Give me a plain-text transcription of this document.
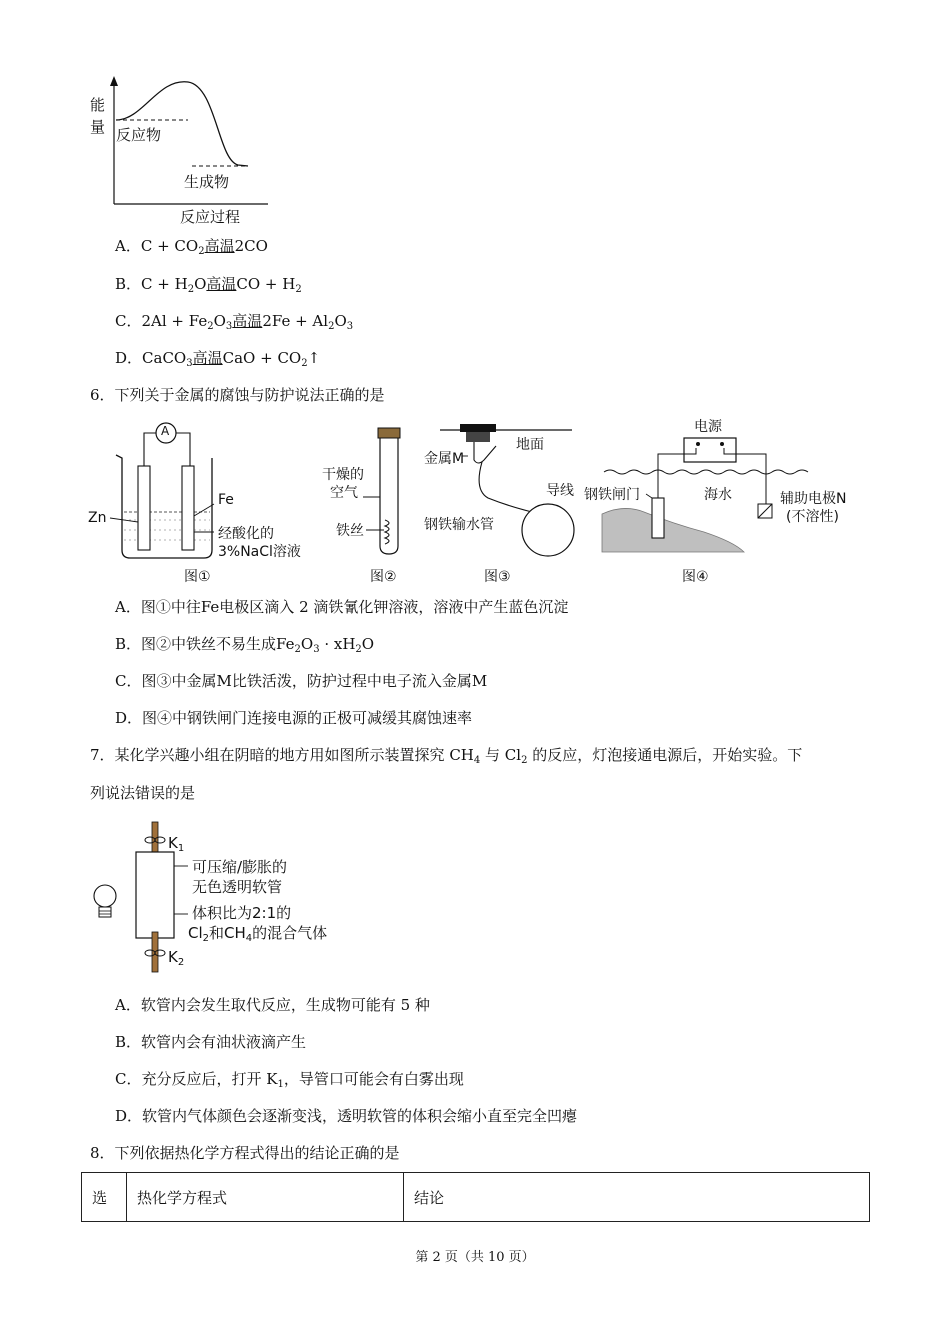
能
量 反应物
生成物
反应过程
A．$C + CO_2$高温2CO
B．$C + H_2O$高温CO + $H_2$
C．$2Al + Fe_2O_3$高温$2Fe + Al_2O_3$
D．CaCO$_3$高温CaO + $CO_2↑$
6．下列关于金属的腐蚀与防护说法正确的是
A
Zn
Fe
经酸化的
3%NaCl溶液
图①
干燥的
空气
铁丝
图②
地面
金属M
导线
钢铁输水管
图③
电源
钢铁闸门	海水	辅助电极N
(不溶性)
图④
A．图①中往Fe电极区滴入 2 滴铁氰化钾溶液，溶液中产生蓝色沉淀
B．图②中铁丝不易生成$Fe_2O_3 \cdot xH_2O$
C．图③中金属M比铁活泼，防护过程中电子流入金属M
D．图④中钢铁闸门连接电源的正极可减缓其腐蚀速率
7．某化学兴趣小组在阴暗的地方用如图所示装置探究 $CH_4$ 与 $Cl_2$ 的反应，灯泡接通电源后，开始实验。下
列说法错误的是
$K_1$
$K_2$
可压缩/膨胀的
无色透明软管
体积比为2:1的
$Cl_2$和$CH_4$的混合气体
A．软管内会发生取代反应，生成物可能有 5 种
B．软管内会有油状液滴产生
C．充分反应后，打开 $K_1$，导管口可能会有白雾出现
D．软管内气体颜色会逐渐变浅，透明软管的体积会缩小直至完全凹瘪
8．下列依据热化学方程式得出的结论正确的是
选	热化学方程式	结论
第 2 页（共 10 页）
